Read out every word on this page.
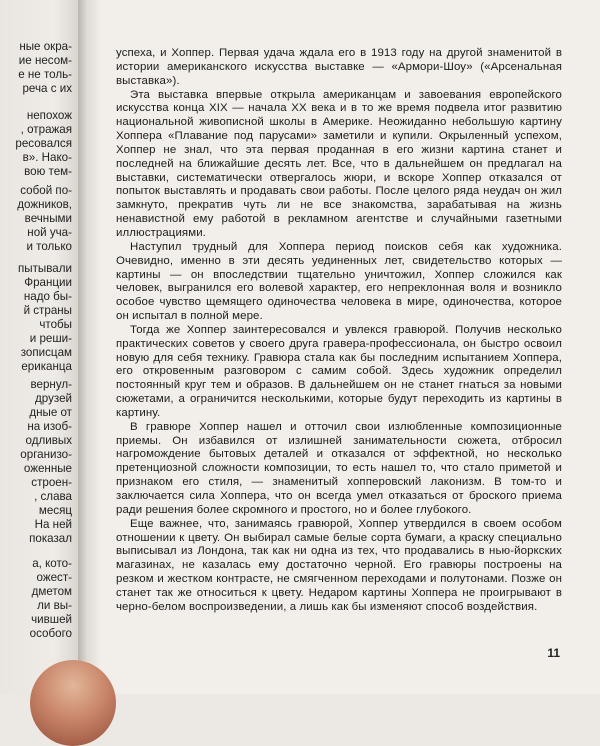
ные окра-
ие несом-
е не толь-
реча с их
непохож
, отражая
ресовался
в». Нако-
вою тем-
собой по-
дожников,
вечными
ной уча-
и только
пытывали
Франции
надо бы-
й страны
чтобы
и реши-
зописцам
ериканца
вернул-
друзей
дные от
на изоб-
одливых
организо-
оженные
строен-
, слава
месяц
На ней
показал
а, кото-
ожест-
дметом
ли вы-
чившей
особого

успеха, и Хоппер. Первая удача ждала его в 1913 году на другой знаменитой в истории американского искусства выставке — «Армори-Шоу» («Арсенальная выставка»).

Эта выставка впервые открыла американцам и завоевания европейского искусства конца XIX — начала XX века и в то же время подвела итог развитию национальной живописной школы в Америке. Неожиданно небольшую картину Хоппера «Плавание под парусами» заметили и купили. Окрыленный успехом, Хоппер не знал, что эта первая проданная в его жизни картина станет и последней на ближайшие десять лет. Все, что в дальнейшем он предлагал на выставки, систематически отвергалось жюри, и вскоре Хоппер отказался от попыток выставлять и продавать свои работы. После целого ряда неудач он жил замкнуто, прекратив чуть ли не все знакомства, зарабатывая на жизнь ненавистной ему работой в рекламном агентстве и случайными газетными иллюстрациями.

Наступил трудный для Хоппера период поисков себя как художника. Очевидно, именно в эти десять уединенных лет, свидетельство которых — картины — он впоследствии тщательно уничтожил, Хоппер сложился как человек, выгранился его волевой характер, его непреклонная воля и возникло особое чувство щемящего одиночества человека в мире, одиночества, которое он испытал в полной мере.

Тогда же Хоппер заинтересовался и увлекся гравюрой. Получив несколько практических советов у своего друга гравера-профессионала, он быстро освоил новую для себя технику. Гравюра стала как бы последним испытанием Хоппера, его откровенным разговором с самим собой. Здесь художник определил постоянный круг тем и образов. В дальнейшем он не станет гнаться за новыми сюжетами, а ограничится несколькими, которые будут переходить из картины в картину.

В гравюре Хоппер нашел и отточил свои излюбленные композиционные приемы. Он избавился от излишней занимательности сюжета, отбросил нагромождение бытовых деталей и отказался от эффектной, но несколько претенциозной сложности композиции, то есть нашел то, что стало приметой и признаком его стиля, — знаменитый хопперовский лаконизм. В том-то и заключается сила Хоппера, что он всегда умел отказаться от броского приема ради решения более скромного и простого, но и более глубокого.

Еще важнее, что, занимаясь гравюрой, Хоппер утвердился в своем особом отношении к цвету. Он выбирал самые белые сорта бумаги, а краску специально выписывал из Лондона, так как ни одна из тех, что продавались в нью-йоркских магазинах, не казалась ему достаточно черной. Его гравюры построены на резком и жестком контрасте, не смягченном переходами и полутонами. Позже он станет так же относиться к цвету. Недаром картины Хоппера не проигрывают в черно-белом воспроизведении, а лишь как бы изменяют способ воздействия.

11
